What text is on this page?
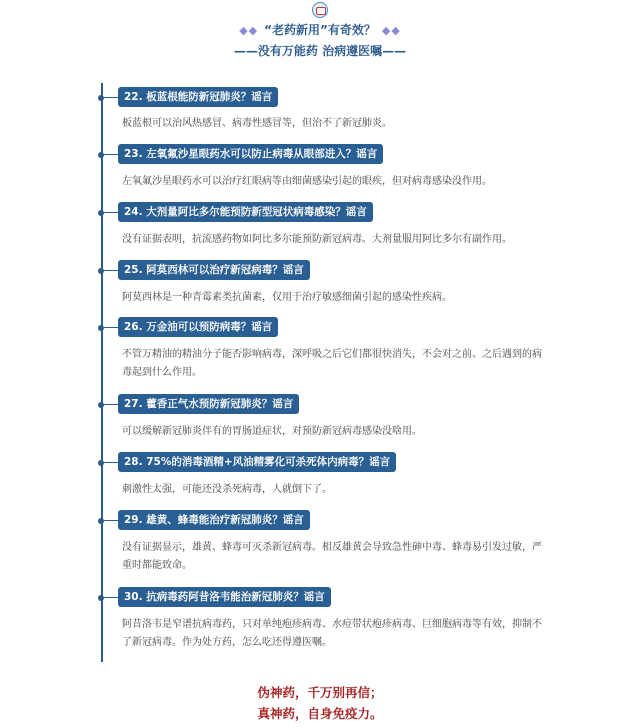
◆◆ “老药新用”有奇效？ ◆◆
——没有万能药 治病遵医嘱——
22. 板蓝根能防新冠肺炎？谣言
板蓝根可以治风热感冒、病毒性感冒等，但治不了新冠肺炎。
23. 左氧氟沙星眼药水可以防止病毒从眼部进入？谣言
左氧氟沙星眼药水可以治疗红眼病等由细菌感染引起的眼疾，但对病毒感染没作用。
24. 大剂量阿比多尔能预防新型冠状病毒感染？谣言
没有证据表明，抗流感药物如阿比多尔能预防新冠病毒。大剂量服用阿比多尔有副作用。
25. 阿莫西林可以治疗新冠病毒？谣言
阿莫西林是一种青霉素类抗菌素，仅用于治疗敏感细菌引起的感染性疾病。
26. 万金油可以预防病毒？谣言
不管万精油的精油分子能否影响病毒，深呼吸之后它们都很快消失，不会对之前、之后遇到的病毒起到什么作用。
27. 藿香正气水预防新冠肺炎？谣言
可以缓解新冠肺炎伴有的胃肠道症状，对预防新冠病毒感染没啥用。
28. 75%的消毒酒精+风油精雾化可杀死体内病毒？谣言
刺激性太强，可能还没杀死病毒，人就倒下了。
29. 雄黄、蜂毒能治疗新冠肺炎？谣言
没有证据显示，雄黄、蜂毒可灭杀新冠病毒。相反雄黄会导致急性砷中毒、蜂毒易引发过敏，严重时都能致命。
30. 抗病毒药阿昔洛韦能治新冠肺炎？谣言
阿昔洛韦是窄谱抗病毒药，只对单纯疱疹病毒、水痘带状疱疹病毒、巨细胞病毒等有效，抑制不了新冠病毒。作为处方药，怎么吃还得遵医嘱。
伪神药，千万别再信；
真神药，自身免疫力。
